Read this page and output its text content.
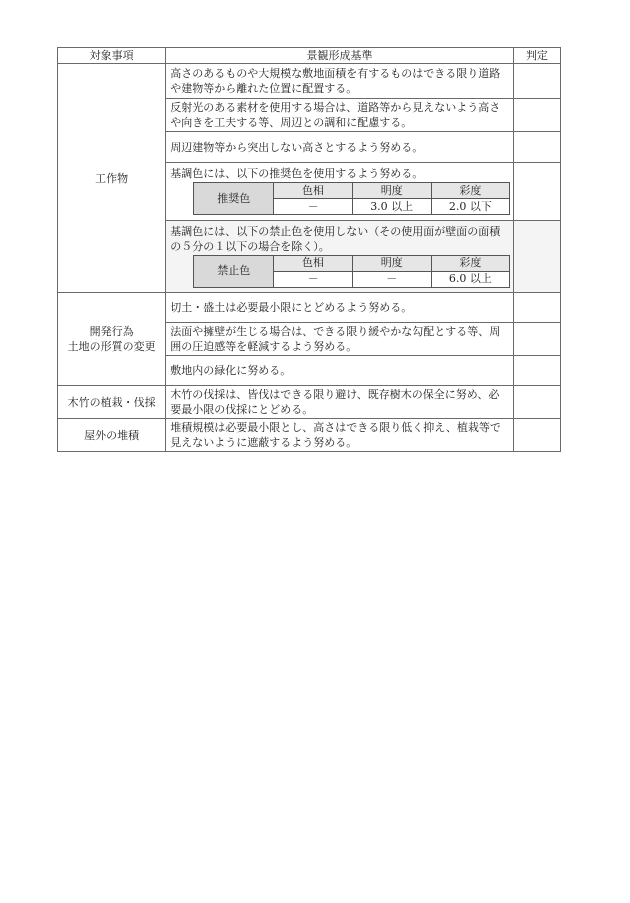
対象事項	景観形成基準	判定
工作物	高さのあるものや大規模な敷地面積を有するものはできる限り道路や建物等から離れた位置に配置する。	
反射光のある素材を使用する場合は、道路等から見えないよう高さや向きを工夫する等、周辺との調和に配慮する。	
周辺建物等から突出しない高さとするよう努める。	

基調色には、以下の推奨色を使用するよう努める。
推奨色	色相	明度	彩度
－	3.0 以上	2.0 以下

基調色には、以下の禁止色を使用しない（その使用面が壁面の面積の５分の１以下の場合を除く）。
禁止色	色相	明度	彩度
－	－	6.0 以上

開発行為
土地の形質の変更
	切土・盛土は必要最小限にとどめるよう努める。	
法面や擁壁が生じる場合は、できる限り緩やかな勾配とする等、周囲の圧迫感等を軽減するよう努める。	
敷地内の緑化に努める。	
木竹の植栽・伐採	木竹の伐採は、皆伐はできる限り避け、既存樹木の保全に努め、必要最小限の伐採にとどめる。	
屋外の堆積	堆積規模は必要最小限とし、高さはできる限り低く抑え、植栽等で見えないように遮蔽するよう努める。	
